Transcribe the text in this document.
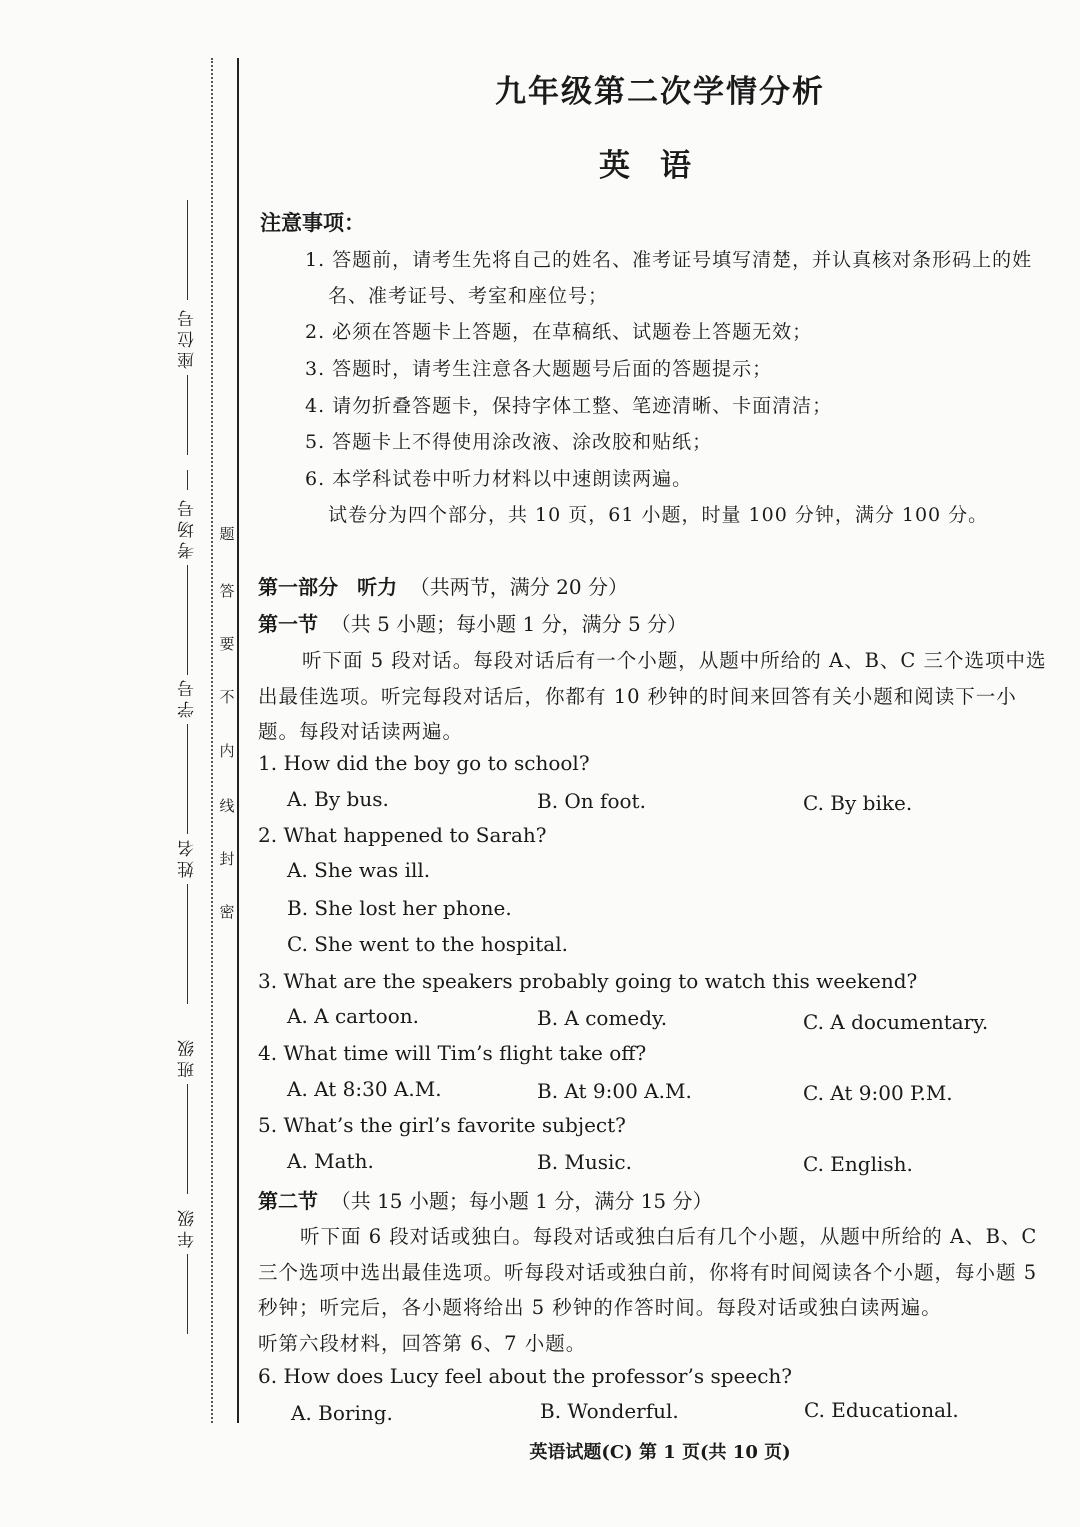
题
答
要
不
内
线
封
密
座位号
考场号
学号
姓名
班级
年级
九年级第二次学情分析
英语
注意事项：
1. 答题前，请考生先将自己的姓名、准考证号填写清楚，并认真核对条形码上的姓
名、准考证号、考室和座位号；
2. 必须在答题卡上答题，在草稿纸、试题卷上答题无效；
3. 答题时，请考生注意各大题题号后面的答题提示；
4. 请勿折叠答题卡，保持字体工整、笔迹清晰、卡面清洁；
5. 答题卡上不得使用涂改液、涂改胶和贴纸；
6. 本学科试卷中听力材料以中速朗读两遍。
试卷分为四个部分，共 10 页，61 小题，时量 100 分钟，满分 100 分。
第一部分 听力 （共两节，满分 20 分）
第一节 （共 5 小题；每小题 1 分，满分 5 分）
听下面 5 段对话。每段对话后有一个小题，从题中所给的 A、B、C 三个选项中选
出最佳选项。听完每段对话后，你都有 10 秒钟的时间来回答有关小题和阅读下一小
题。每段对话读两遍。
1. How did the boy go to school?
A. By bus.	B. On foot.	C. By bike.
2. What happened to Sarah?
A. She was ill.
B. She lost her phone.
C. She went to the hospital.
3. What are the speakers probably going to watch this weekend?
A. A cartoon.	B. A comedy.	C. A documentary.
4. What time will Tim’s flight take off?
A. At 8:30 A.M.	B. At 9:00 A.M.	C. At 9:00 P.M.
5. What’s the girl’s favorite subject?
A. Math.	B. Music.	C. English.
第二节 （共 15 小题；每小题 1 分，满分 15 分）
听下面 6 段对话或独白。每段对话或独白后有几个小题，从题中所给的 A、B、C
三个选项中选出最佳选项。听每段对话或独白前，你将有时间阅读各个小题，每小题 5
秒钟；听完后，各小题将给出 5 秒钟的作答时间。每段对话或独白读两遍。
听第六段材料，回答第 6、7 小题。
6. How does Lucy feel about the professor’s speech?
A. Boring.	B. Wonderful.	C. Educational.
英语试题(C) 第 1 页(共 10 页)
